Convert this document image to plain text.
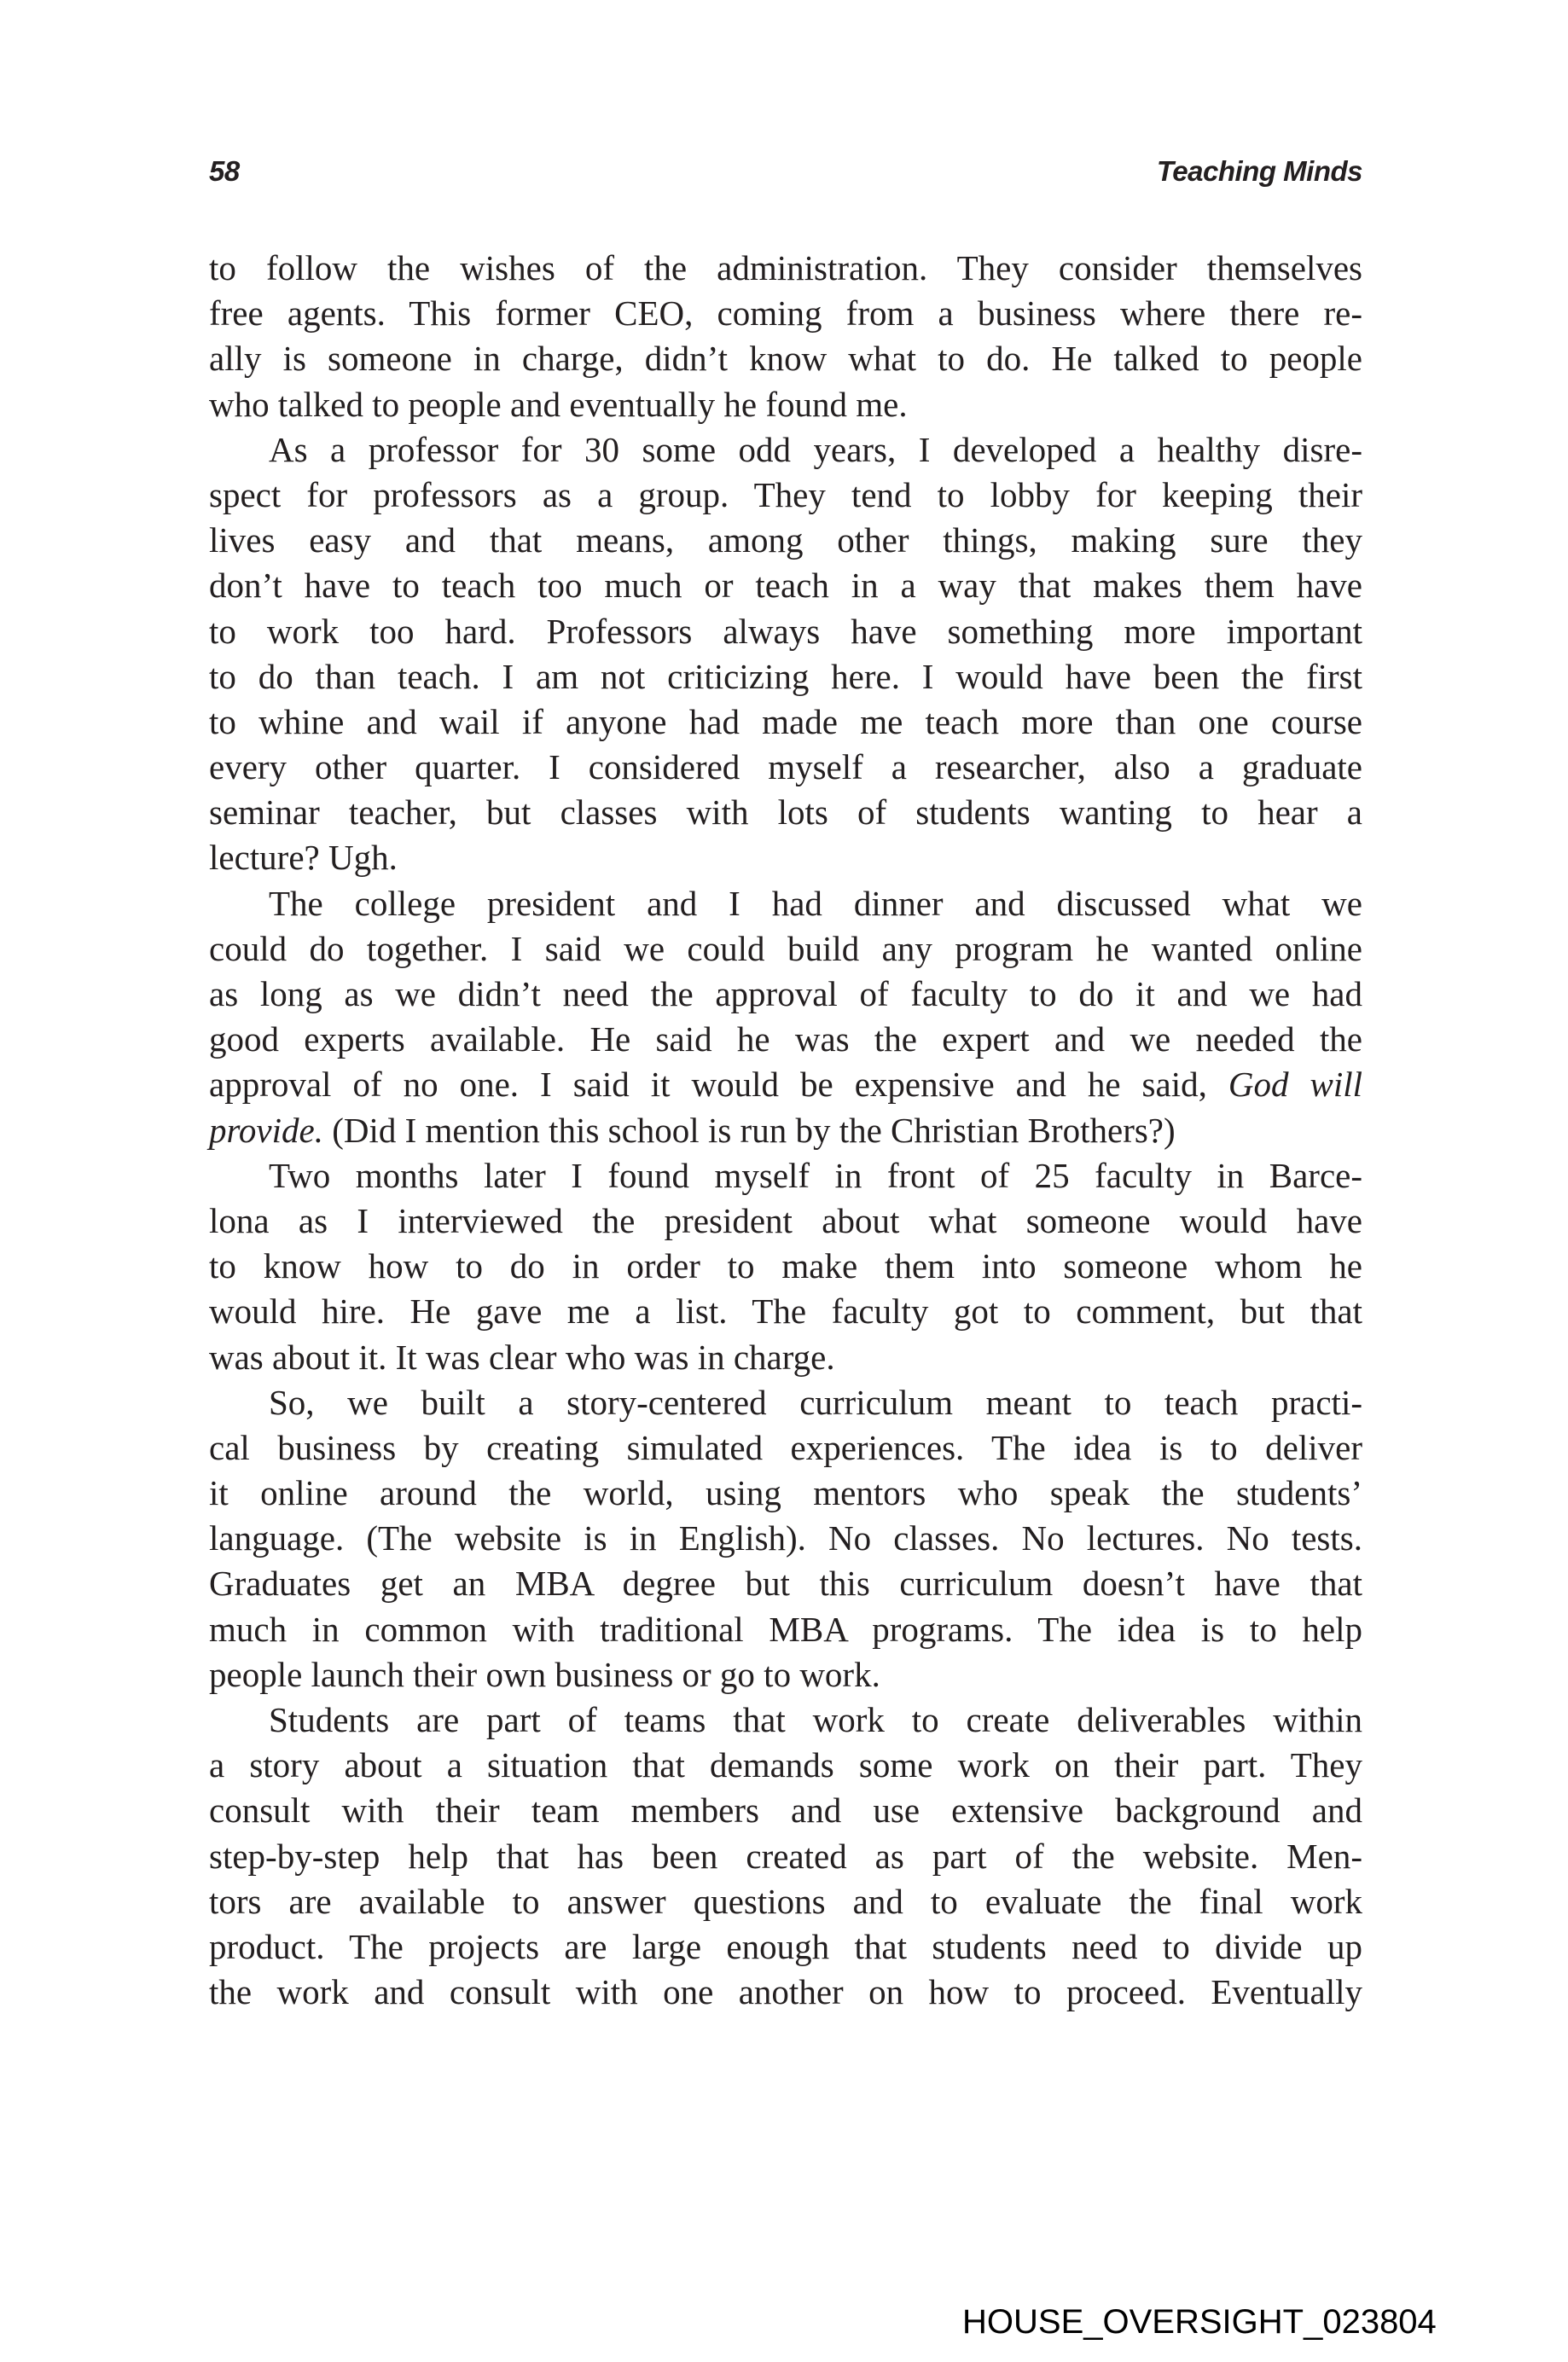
58	Teaching Minds
to follow the wishes of the administration. They consider themselves
free agents. This former CEO, coming from a business where there re-
ally is someone in charge, didn’t know what to do. He talked to people
who talked to people and eventually he found me.
As a professor for 30 some odd years, I developed a healthy disre-
spect for professors as a group. They tend to lobby for keeping their
lives easy and that means, among other things, making sure they
don’t have to teach too much or teach in a way that makes them have
to work too hard. Professors always have something more important
to do than teach. I am not criticizing here. I would have been the first
to whine and wail if anyone had made me teach more than one course
every other quarter. I considered myself a researcher, also a graduate
seminar teacher, but classes with lots of students wanting to hear a
lecture? Ugh.
The college president and I had dinner and discussed what we
could do together. I said we could build any program he wanted online
as long as we didn’t need the approval of faculty to do it and we had
good experts available. He said he was the expert and we needed the
approval of no one. I said it would be expensive and he said, God will
provide. (Did I mention this school is run by the Christian Brothers?)
Two months later I found myself in front of 25 faculty in Barce-
lona as I interviewed the president about what someone would have
to know how to do in order to make them into someone whom he
would hire. He gave me a list. The faculty got to comment, but that
was about it. It was clear who was in charge.
So, we built a story-centered curriculum meant to teach practi-
cal business by creating simulated experiences. The idea is to deliver
it online around the world, using mentors who speak the students’
language. (The website is in English). No classes. No lectures. No tests.
Graduates get an MBA degree but this curriculum doesn’t have that
much in common with traditional MBA programs. The idea is to help
people launch their own business or go to work.
Students are part of teams that work to create deliverables within
a story about a situation that demands some work on their part. They
consult with their team members and use extensive background and
step-by-step help that has been created as part of the website. Men-
tors are available to answer questions and to evaluate the final work
product. The projects are large enough that students need to divide up
the work and consult with one another on how to proceed. Eventually
HOUSE_OVERSIGHT_023804
